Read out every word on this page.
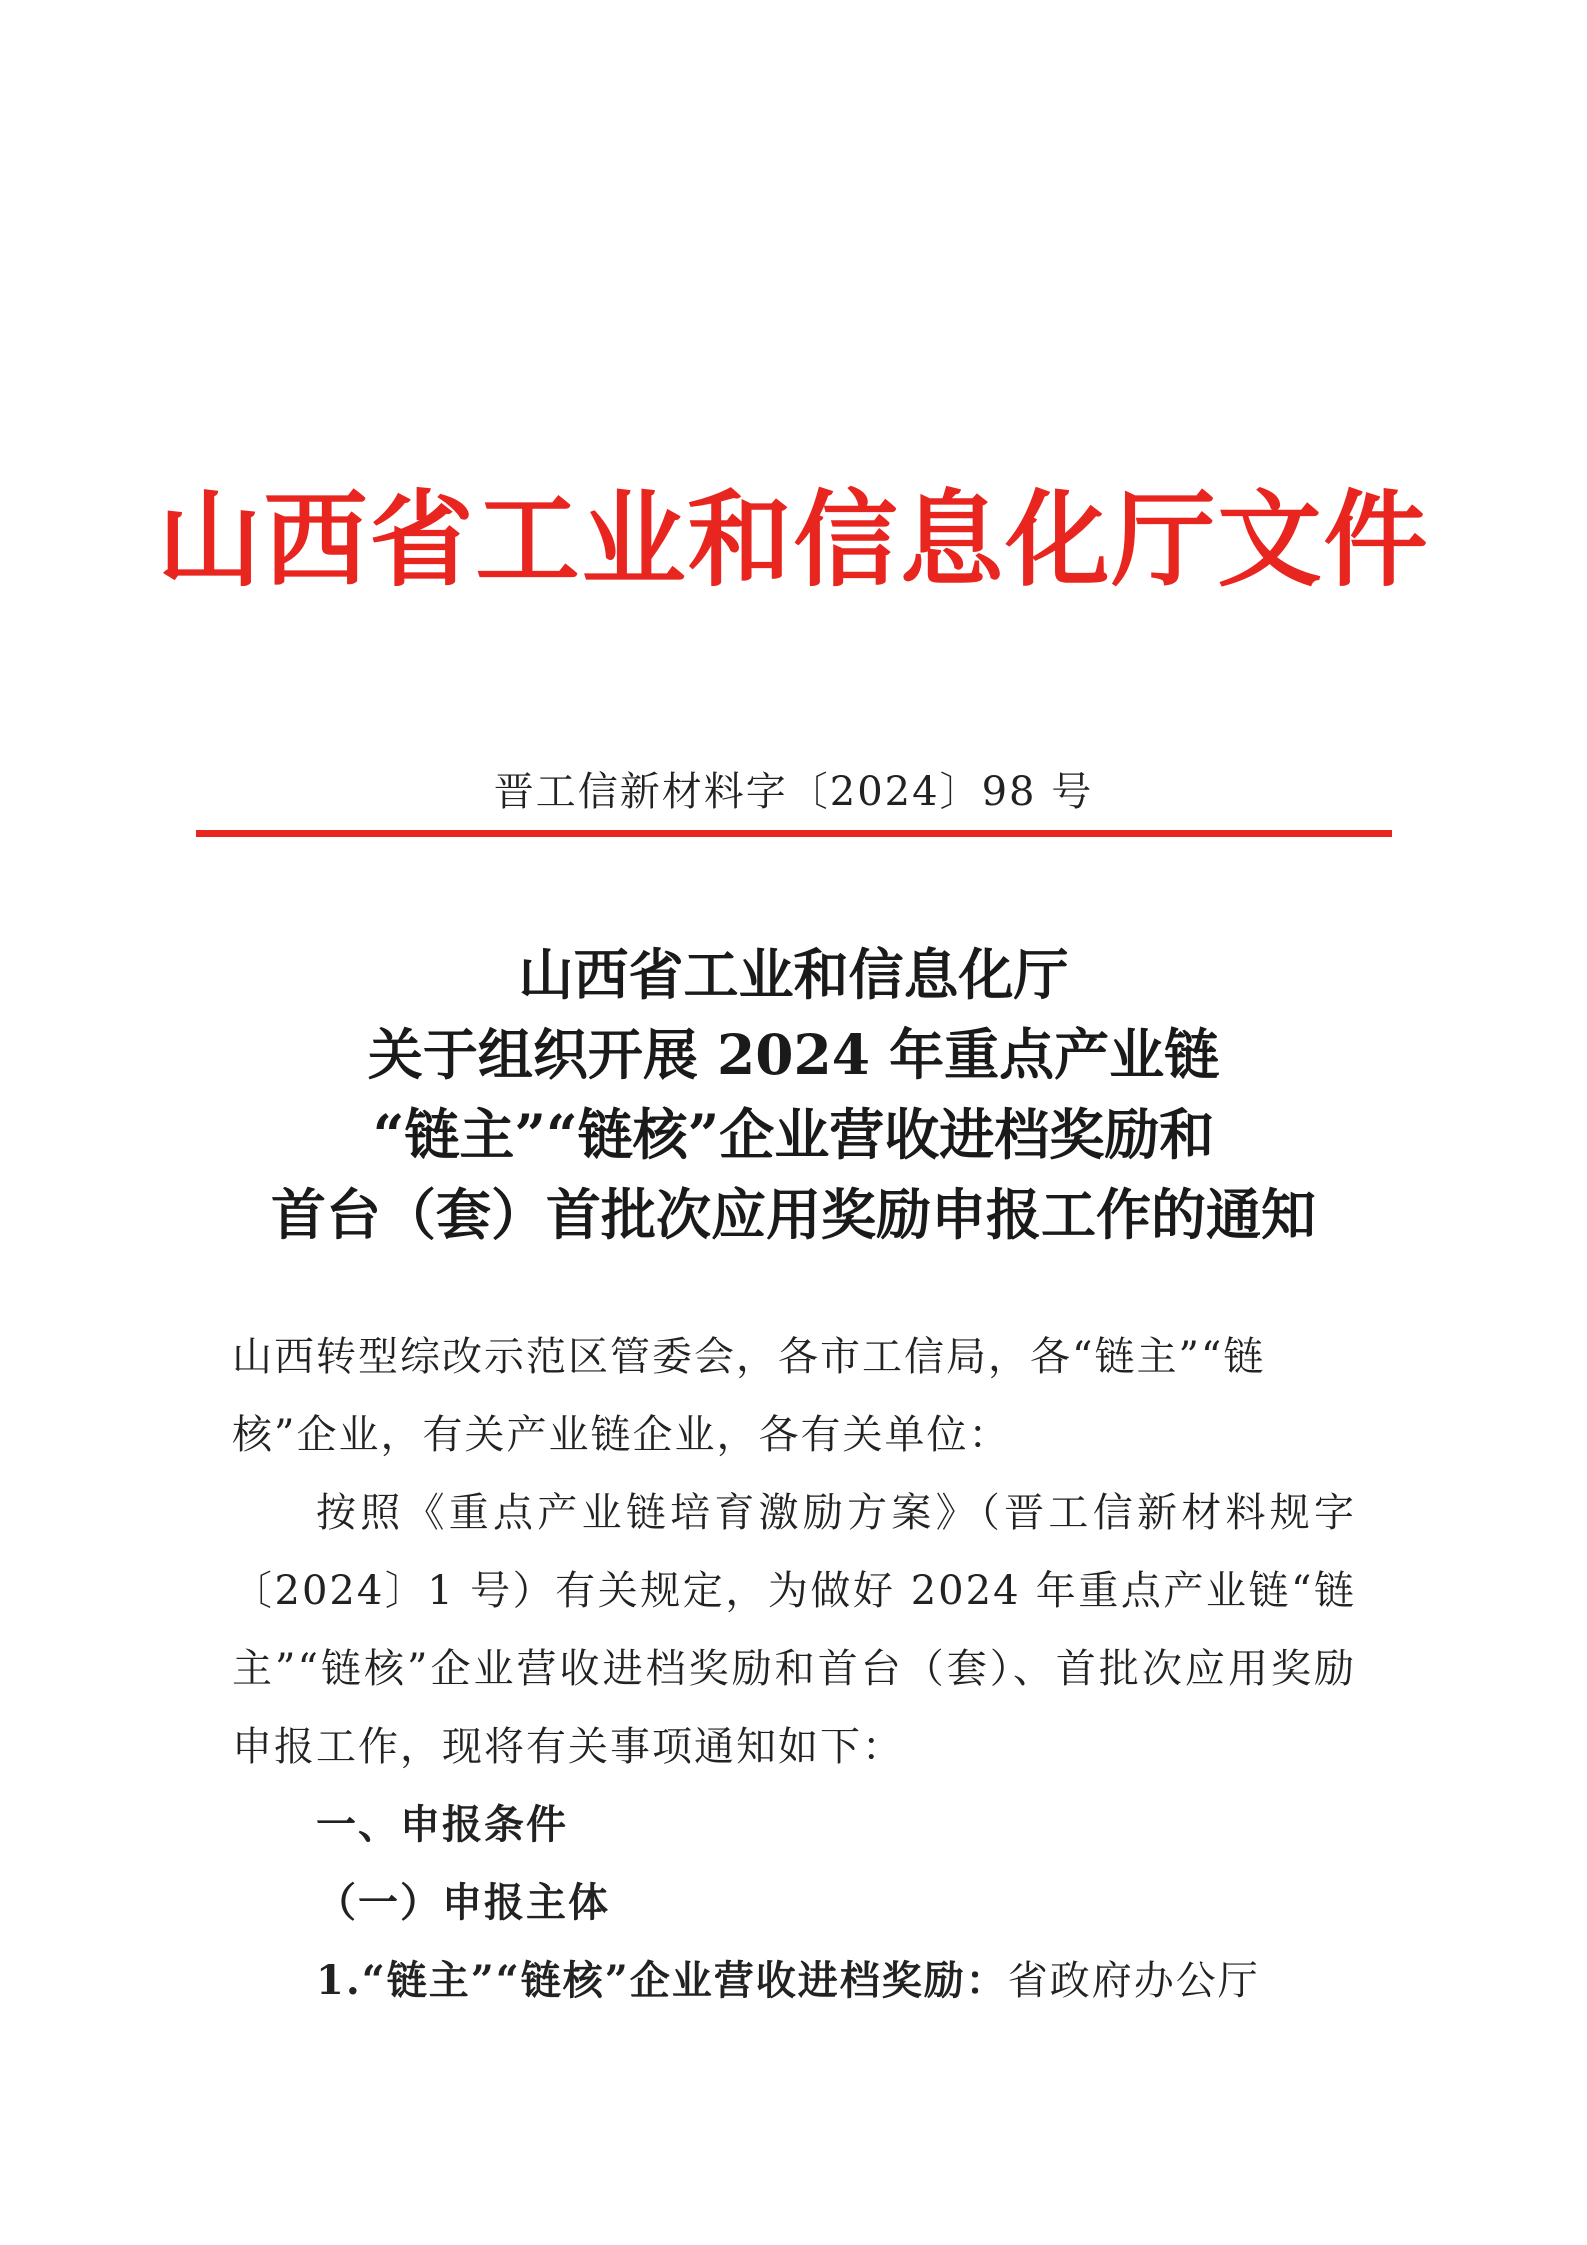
山西省工业和信息化厅文件
晋工信新材料字〔2024〕98 号
山西省工业和信息化厅
关于组织开展 2024 年重点产业链
“链主”“链核”企业营收进档奖励和
首台（套）首批次应用奖励申报工作的通知

山西转型综改示范区管委会，各市工信局，各“链主”“链

核”企业，有关产业链企业，各有关单位：

按照《重点产业链培育激励方案》（晋工信新材料规字〔2024〕1 号）有关规定，为做好 2024 年重点产业链“链主”“链核”企业营收进档奖励和首台（套）、首批次应用奖励申报工作，现将有关事项通知如下：

一、申报条件

（一）申报主体

1.“链主”“链核”企业营收进档奖励：省政府办公厅
